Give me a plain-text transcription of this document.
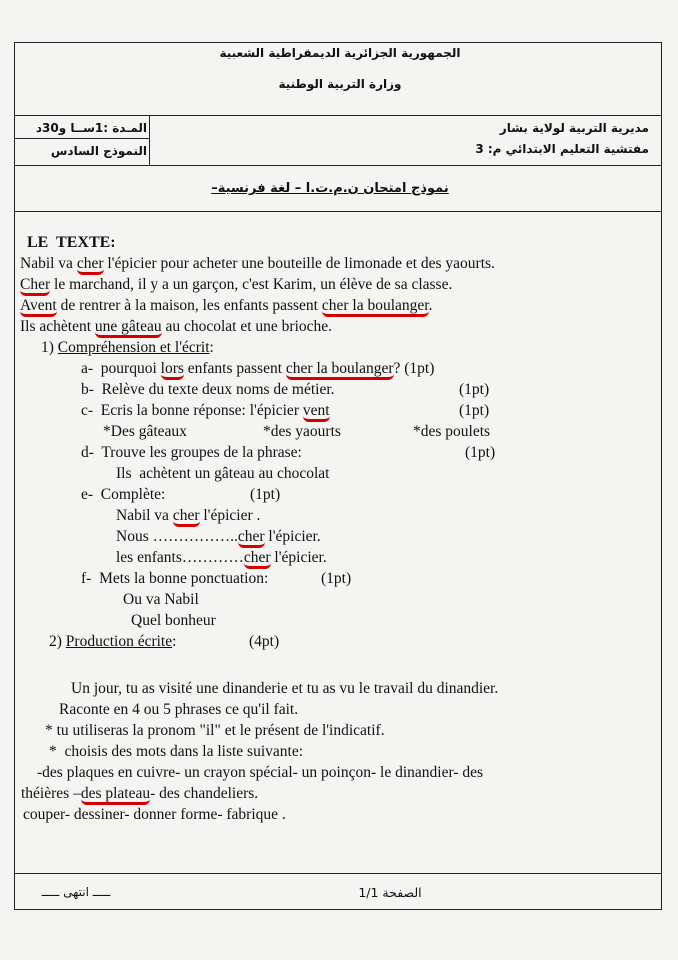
الجمهورية الجزائرية الديمقراطية الشعبية
وزارة التربية الوطنية
المـدة :1ســا و30د
النموذج السادس
مديرية التربية لولاية بشار
مفتشية التعليم الابتدائي م: 3
نموذج امتحان ن.م.ت.ا – لغة فرنسية–
LE  TEXTE:
Nabil va cher l'épicier pour acheter une bouteille de limonade et des yaourts.
Cher le marchand, il y a un garçon, c'est Karim, un élève de sa classe.
Avent de rentrer à la maison, les enfants passent cher la boulanger.
Ils achètent une gâteau au chocolat et une brioche.
1) Compréhension et l'écrit:
a-  pourquoi lors enfants passent cher la boulanger? (1pt)
b-  Relève du texte deux noms de métier.	(1pt)
c-  Ecris la bonne réponse: l'épicier vent	(1pt)
*Des gâteaux	*des yaourts	*des poulets
d-  Trouve les groupes de la phrase:	(1pt)
Ils  achètent un gâteau au chocolat
e-  Complète:	(1pt)
Nabil va cher l'épicier .
Nous ……………..cher l'épicier.
les enfants…………cher l'épicier.
f-  Mets la bonne ponctuation:	(1pt)
Ou va Nabil
Quel bonheur
2) Production écrite:	(4pt)
Un jour, tu as visité une dinanderie et tu as vu le travail du dinandier.
Raconte en 4 ou 5 phrases ce qu'il fait.
* tu utiliseras la pronom "il" et le présent de l'indicatif.
*  choisis des mots dans la liste suivante:
-des plaques en cuivre- un crayon spécial- un poinçon- le dinandier- des
théières –des plateau- des chandeliers.
couper- dessiner- donner forme- fabrique .
الصفحة 1/1
ـــــ انتهى ـــــ
